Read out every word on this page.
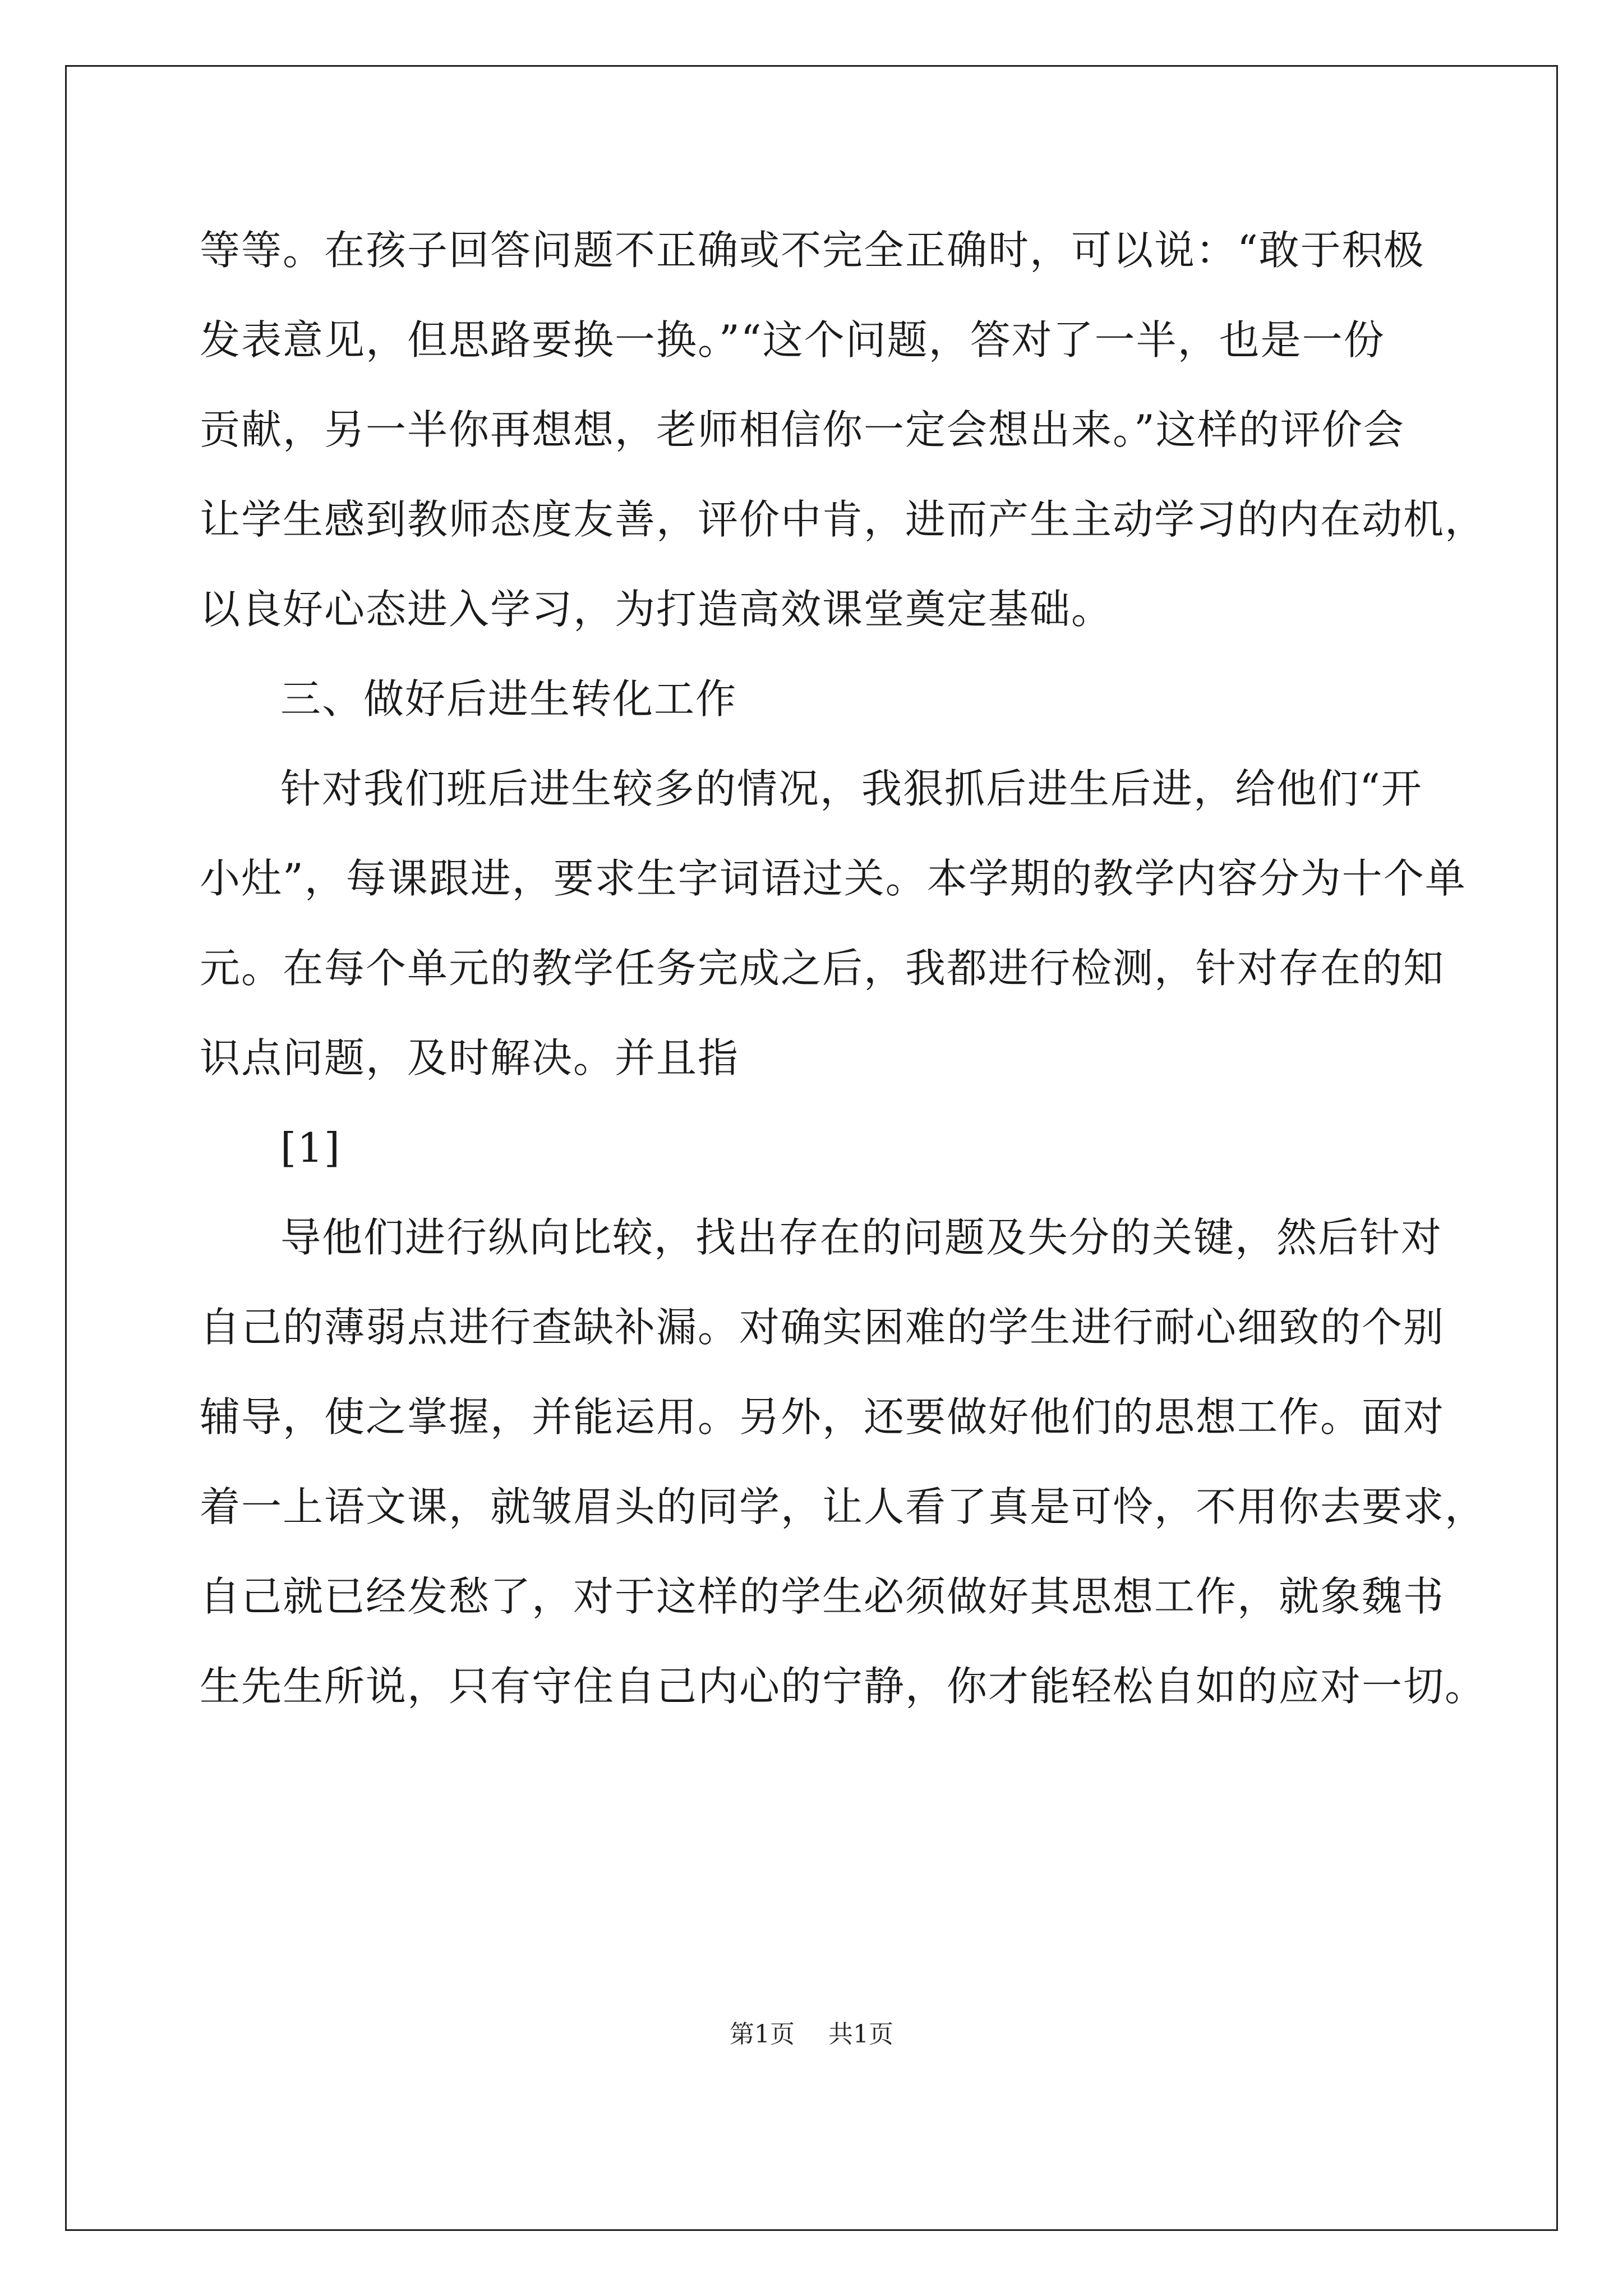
等等。在孩子回答问题不正确或不完全正确时，可以说：“敢于积极
发表意见，但思路要换一换。”“这个问题，答对了一半，也是一份
贡献，另一半你再想想，老师相信你一定会想出来。”这样的评价会
让学生感到教师态度友善，评价中肯，进而产生主动学习的内在动机，
以良好心态进入学习，为打造高效课堂奠定基础。
三、做好后进生转化工作
针对我们班后进生较多的情况，我狠抓后进生后进，给他们“开
小灶”，每课跟进，要求生字词语过关。本学期的教学内容分为十个单
元。在每个单元的教学任务完成之后，我都进行检测，针对存在的知
识点问题，及时解决。并且指
[1]
导他们进行纵向比较，找出存在的问题及失分的关键，然后针对
自己的薄弱点进行查缺补漏。对确实困难的学生进行耐心细致的个别
辅导，使之掌握，并能运用。另外，还要做好他们的思想工作。面对
着一上语文课，就皱眉头的同学，让人看了真是可怜，不用你去要求，
自己就已经发愁了，对于这样的学生必须做好其思想工作，就象魏书
生先生所说，只有守住自己内心的宁静，你才能轻松自如的应对一切。
第1页 共1页
